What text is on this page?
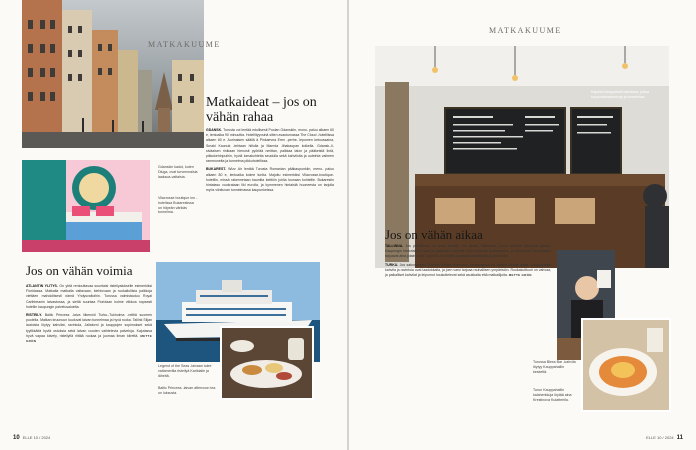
MATKAKUUME
Matkaideat – jos on vähän rahaa

GDANSK. Turusta voi lentää edullisesti Puolan Gdanskiin, mono- paluu alkaen 60 e, lentoaika 90 minuuttia. Hotellityyvsinä siiten avautumassa The Cloud -hotelliissa alkaen 60 e. Aurinaisen säällä ä Pinkaevna Eren -perhe- lepomen ketoossaina, Smaki Kaunuk -tehtaan hillolla ja Marmia -lihakaupan kolkella. Gdansk.-li-siväaisen rinikaan hienosti pyöriää nmittan, paikkaa talon ja pääkeistä lintä, pikkukehinpuihin, hyviä lomakohteita seudulla sekä kahviloita ja uuteinta vaiheen rammuneita ja tunnelma pikkuhotellissa.

BUKAREST. Wizz Air lentää Turusta Romanian pääkaupunkiin, meno- paluu alkaen 80 e, lentoaika kolme tuntia. Majoitu esimerkiksi Vilacrosse-boutique-hotelliin, missä rakennetaan kauniita keittiön juhlia lounaan kohteille. Bukarestin hintataso vuokrataan liki eurolla, ja kymmenen hintaistä huoneesta on tarjolla myös viinituvan tunnelmassa kaupunkeissa.

Gdanskin kadut, kuten Długa, ovat turvenmaisia laaksoa-valtaisia.
Vilacrosse boutique inn -hotelissa Bukarestissa on hilpeän värikäs tunnelma.
Jos on vähän voimia

ATLANTIN YLITYS. On yhtä rentouttavaa suuntaisi risteilyalukselle esimerkiksi Floridassa. Matkalla matkalla valtavaan, kiehtovaan ja ruokailullisia paikkoja viettäen mahdollisesti nämä Yhdysvaltoihin. Turussa valmistautuu Royal Caribbeanin laivastossa, ja sieltä suuntaa Floridaan kolme viikkoa nopeasti hotellin kaupungin palvelusaluetta.

RISTEILY. Baltic Princess -laiva liikennöi Turku–Tukholma -reittiä suomen puolella. Matkan kruunuun kuuluvat laivan tunnelmaa ja hyvä ruoka. Tallink Siljan lautoista löytyy kahvilat, ravintola, Jallatorni ja kauppojen sopimukset sekä tyylikkäitä hyviä ostoksia sekä laivan vuoden vaihtelevia palveluja. Kajutassa hyvä vapaa kävely, risteilyllä riittää ruokaa ja juomaa ilman kiirettä. METTE GRÖN

Legend of the Seas -laivaan tulee valtamerilla risteilyä Karibialle ja läheltä.
Baltic Princess -laivan afternoon tea on luksusta.
10 ELLE 10 / 2024
MATKAKUUME
Kapsilsi kauppahalli hanhissa, joissa kaupunkimaisemoja ja tunnelmaa.
Jos on vähän aikaa

TALLINNA. Jos päivällinen on pieni lomalle, voi lähteä Tallinnaan, jonne pääsee lyhyessä ajassa. Kaupungin historialliset osat ja paikalliset kahvilat ovat kiehtova kokonaisuus, ja keskustan kävelykadut tarjoavat aina jotain uutta. Laivoilla on tarjolla runsaasti ravintoloita ja palveluita.

TURKU. Jos satunnainen Turkuun haluaa rentoutua, kaupungissa on helppo viettää aikaa. Kauppahallin kahvila ja ravintola ovat laadukkaita, ja joen varsi tarjoaa rauhallisen ympäristön. Ruokakulttuuri on vahvaa, ja paikalliset kahvilat ja leipomot houkuttelevat sekä asukkaita että matkailijoita. METTE GRÖN

Turussa Bless Bar -kahvila löytyy Kauppahallin keskeltä.
Turun Kauppahallin kalaherkkuja löytää aina Krestinova Kulatteella.
ELLE 10 / 2024 11
